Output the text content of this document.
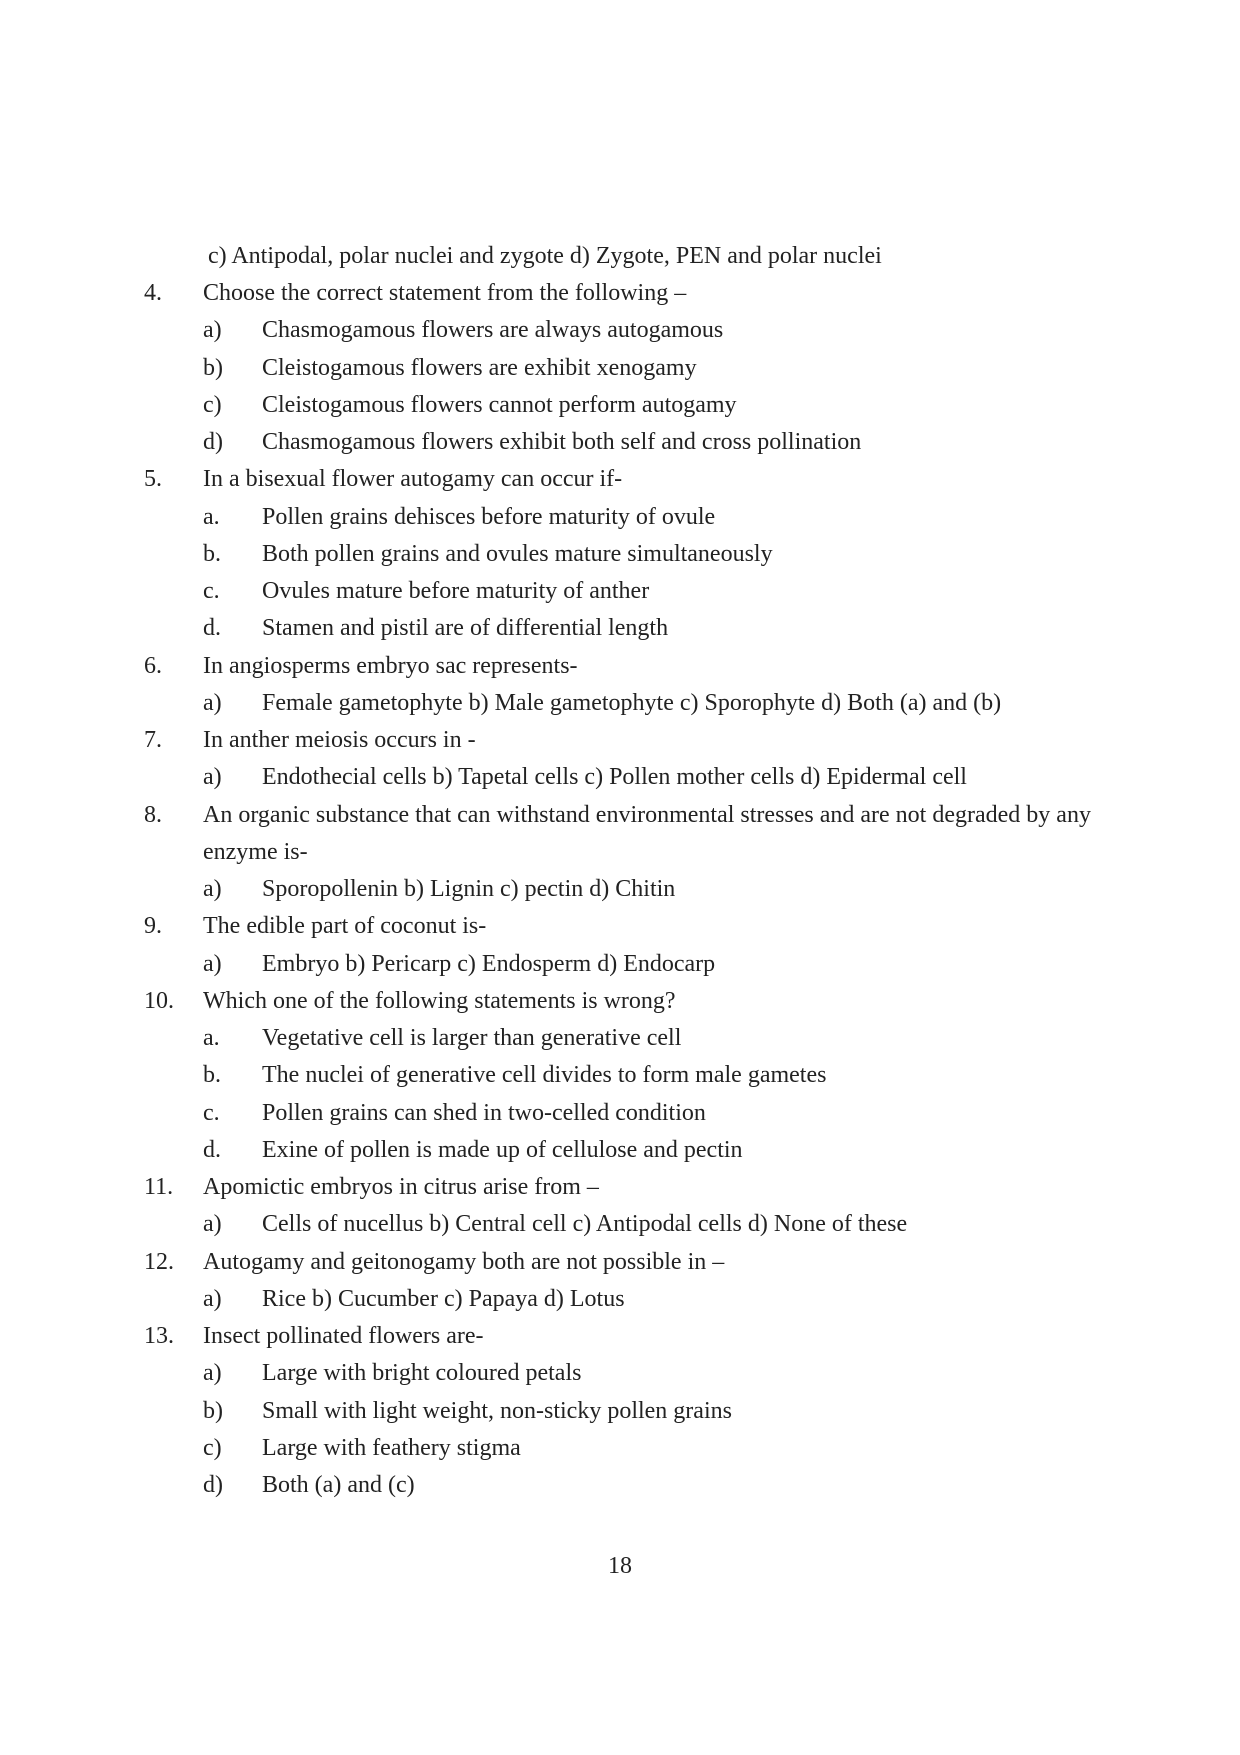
c) Antipodal, polar nuclei and zygote d) Zygote, PEN and polar nuclei
4. Choose the correct statement from the following –
a) Chasmogamous flowers are always autogamous
b) Cleistogamous flowers are exhibit xenogamy
c) Cleistogamous flowers cannot perform autogamy
d) Chasmogamous flowers exhibit both self and cross pollination
5. In a bisexual flower autogamy can occur if-
a. Pollen grains dehisces before maturity of ovule
b. Both pollen grains and ovules mature simultaneously
c. Ovules mature before maturity of anther
d. Stamen and pistil are of differential length
6. In angiosperms embryo sac represents-
a) Female gametophyte b) Male gametophyte c) Sporophyte d) Both (a) and (b)
7. In anther meiosis occurs in -
a) Endothecial cells b) Tapetal cells c) Pollen mother cells d) Epidermal cell
8. An organic substance that can withstand environmental stresses and are not degraded by any
enzyme is-
a) Sporopollenin b) Lignin c) pectin d) Chitin
9. The edible part of coconut is-
a) Embryo b) Pericarp c) Endosperm d) Endocarp
10. Which one of the following statements is wrong?
a. Vegetative cell is larger than generative cell
b. The nuclei of generative cell divides to form male gametes
c. Pollen grains can shed in two-celled condition
d. Exine of pollen is made up of cellulose and pectin
11. Apomictic embryos in citrus arise from –
a) Cells of nucellus b) Central cell c) Antipodal cells d) None of these
12. Autogamy and geitonogamy both are not possible in –
a) Rice b) Cucumber c) Papaya d) Lotus
13. Insect pollinated flowers are-
a) Large with bright coloured petals
b) Small with light weight, non-sticky pollen grains
c) Large with feathery stigma
d) Both (a) and (c)
18
